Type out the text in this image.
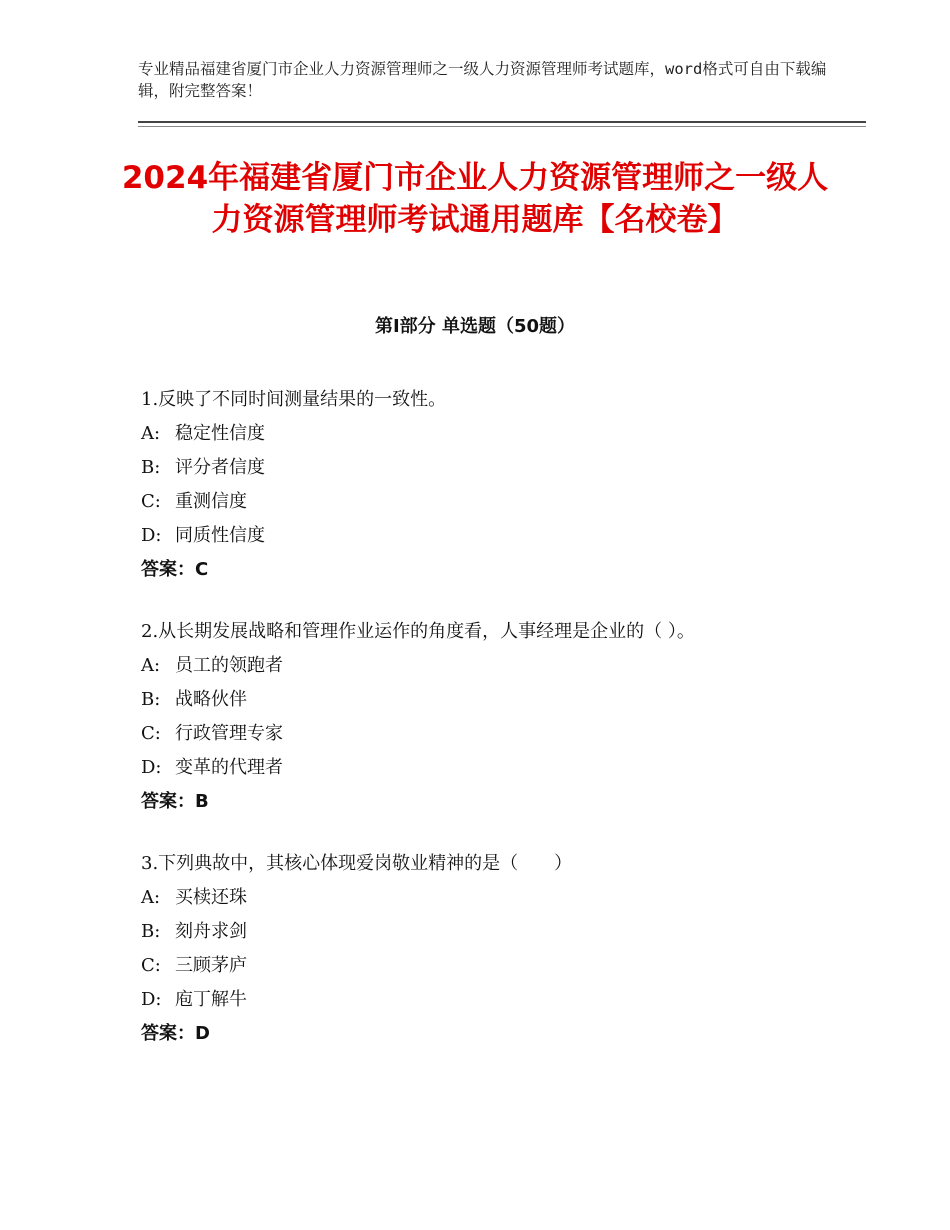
专业精品福建省厦门市企业人力资源管理师之一级人力资源管理师考试题库，word格式可自由下载编辑，附完整答案！
2024年福建省厦门市企业人力资源管理师之一级人力资源管理师考试通用题库【名校卷】
第Ⅰ部分 单选题（50题）
1.反映了不同时间测量结果的一致性。
A: 稳定性信度
B: 评分者信度
C: 重测信度
D: 同质性信度
答案：C
2.从长期发展战略和管理作业运作的角度看，人事经理是企业的（ ）。
A: 员工的领跑者
B: 战略伙伴
C: 行政管理专家
D: 变革的代理者
答案：B
3.下列典故中，其核心体现爱岗敬业精神的是（　　）
A: 买椟还珠
B: 刻舟求剑
C: 三顾茅庐
D: 庖丁解牛
答案：D
